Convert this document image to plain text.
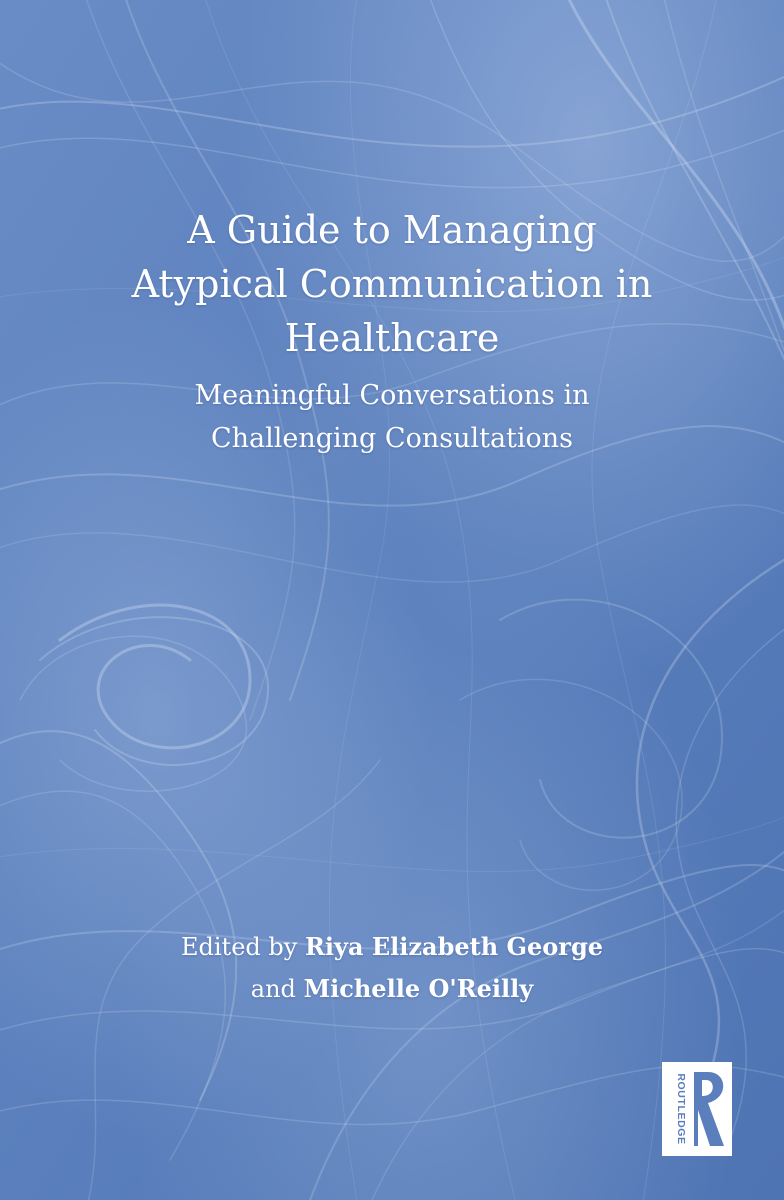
A Guide to Managing
Atypical Communication in
Healthcare
Meaningful Conversations in
Challenging Consultations
Edited by Riya Elizabeth George
and Michelle O'Reilly
ROUTLEDGE
